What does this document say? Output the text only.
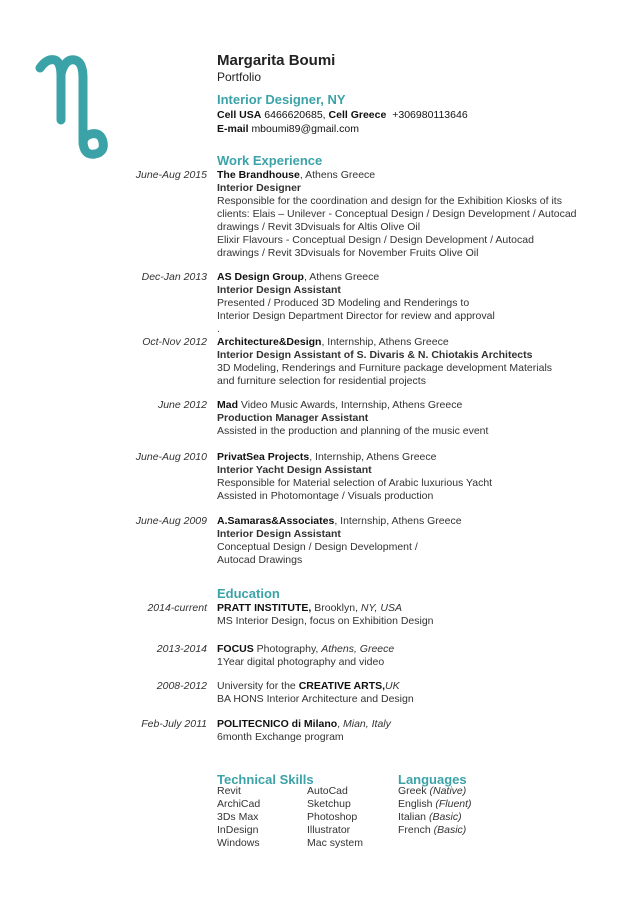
Margarita Boumi
Portfolio
Interior Designer, NY
Cell USA 6466620685, Cell Greece +306980113646
E-mail mboumi89@gmail.com
Work Experience
June-Aug 2015 The Brandhouse, Athens Greece
Interior Designer
Responsible for the coordination and design for the Exhibition Kiosks of its
clients: Elais – Unilever - Conceptual Design / Design Development / Autocad
drawings / Revit 3Dvisuals for Altis Olive Oil
Elixir Flavours - Conceptual Design / Design Development / Autocad
drawings / Revit 3Dvisuals for November Fruits Olive Oil
Dec-Jan 2013 AS Design Group, Athens Greece
Interior Design Assistant
Presented / Produced 3D Modeling and Renderings to
Interior Design Department Director for review and approval
.
Oct-Nov 2012 Architecture&Design, Internship, Athens Greece
Interior Design Assistant of S. Divaris & N. Chiotakis Architects
3D Modeling, Renderings and Furniture package development Materials
and furniture selection for residential projects
June 2012 Mad Video Music Awards, Internship, Athens Greece
Production Manager Assistant
Assisted in the production and planning of the music event
June-Aug 2010 PrivatSea Projects, Internship, Athens Greece
Interior Yacht Design Assistant
Responsible for Material selection of Arabic luxurious Yacht
Assisted in Photomontage / Visuals production
June-Aug 2009 A.Samaras&Associates, Internship, Athens Greece
Interior Design Assistant
Conceptual Design / Design Development /
Autocad Drawings
Education
2014-current PRATT INSTITUTE, Brooklyn, NY, USA
MS Interior Design, focus on Exhibition Design
2013-2014 FOCUS Photography, Athens, Greece
1Year digital photography and video
2008-2012 University for the CREATIVE ARTS,UK
BA HONS Interior Architecture and Design
Feb-July 2011 POLITECNICO di Milano, Mian, Italy
6month Exchange program
Technical Skills
Revit
ArchiCad
3Ds Max
InDesign
Windows
AutoCad
Sketchup
Photoshop
Illustrator
Mac system
Languages
Greek (Native)
English (Fluent)
Italian (Basic)
French (Basic)
